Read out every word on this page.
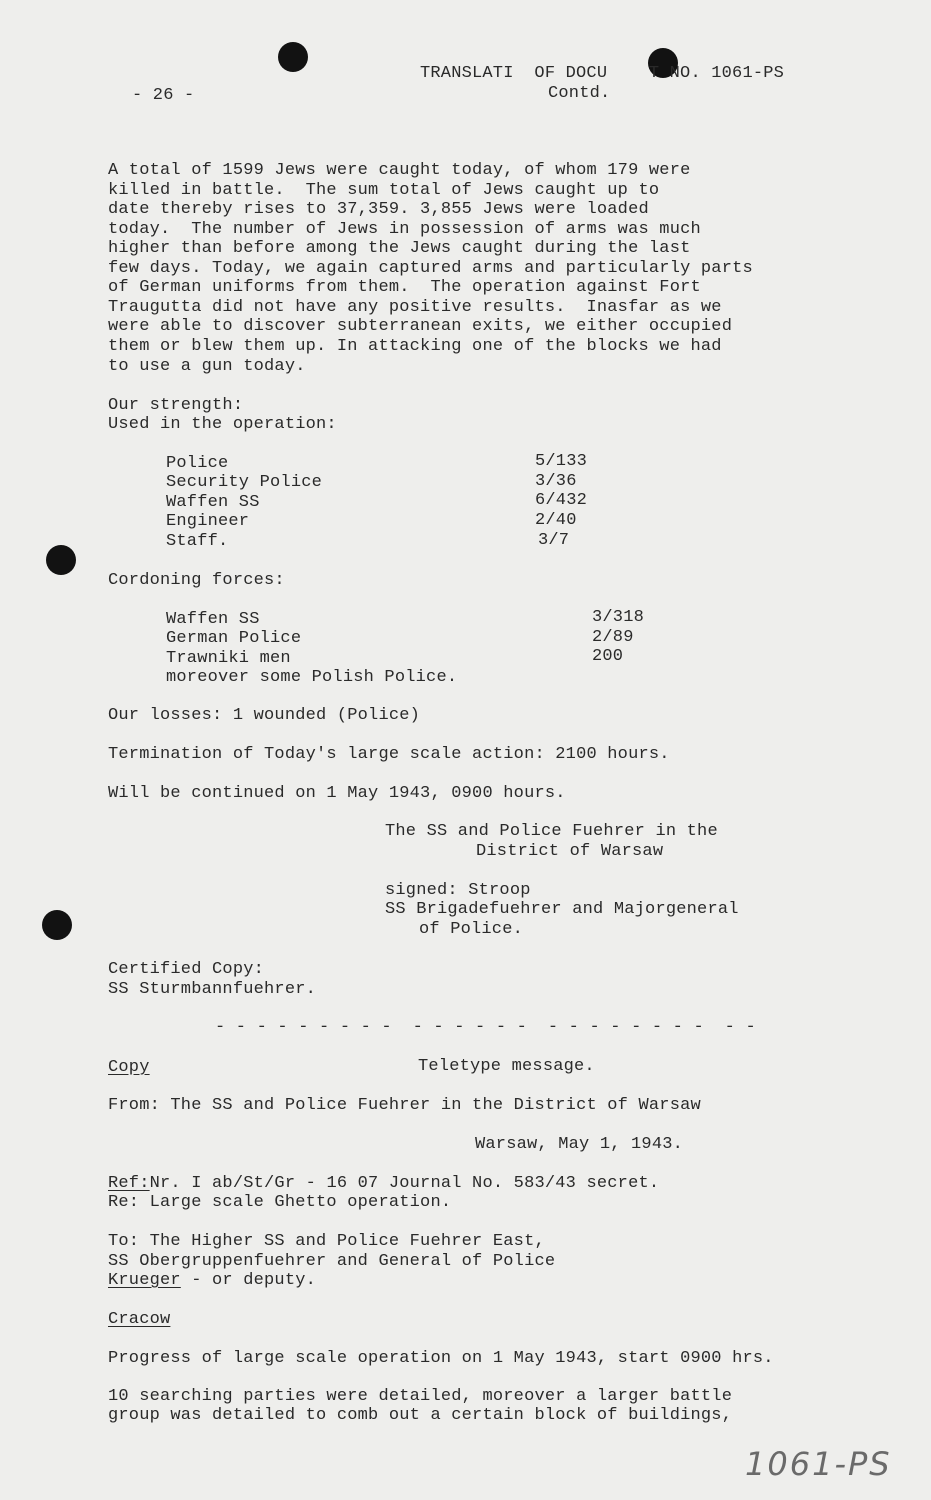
- 26 -
TRANSLATI  OF DOCU    T NO. 1061-PS
Contd.
A total of 1599 Jews were caught today, of whom 179 were
killed in battle.  The sum total of Jews caught up to
date thereby rises to 37,359. 3,855 Jews were loaded
today.  The number of Jews in possession of arms was much
higher than before among the Jews caught during the last
few days. Today, we again captured arms and particularly parts
of German uniforms from them.  The operation against Fort
Traugutta did not have any positive results.  Inasfar as we
were able to discover subterranean exits, we either occupied
them or blew them up. In attacking one of the blocks we had
to use a gun today.
Our strength:
Used in the operation:
Police	5/133
Security Police	3/36
Waffen SS	6/432
Engineer	2/40
Staff.	3/7
Cordoning forces:
Waffen SS	3/318
German Police	2/89
Trawniki men	200
moreover some Polish Police.
Our losses: 1 wounded (Police)
Termination of Today's large scale action: 2100 hours.
Will be continued on 1 May 1943, 0900 hours.
The SS and Police Fuehrer in the
District of Warsaw
signed: Stroop
SS Brigadefuehrer and Majorgeneral
of Police.
Certified Copy:
SS Sturmbannfuehrer.
- - - - - - - - -  - - - - - -  - - - - - - - -  - -
Copy	Teletype message.
From: The SS and Police Fuehrer in the District of Warsaw
Warsaw, May 1, 1943.
Ref:Nr. I ab/St/Gr - 16 07 Journal No. 583/43 secret.
Re: Large scale Ghetto operation.
To: The Higher SS and Police Fuehrer East,
SS Obergruppenfuehrer and General of Police
Krueger - or deputy.
Cracow
Progress of large scale operation on 1 May 1943, start 0900 hrs.
10 searching parties were detailed, moreover a larger battle
group was detailed to comb out a certain block of buildings,
1061-PS
